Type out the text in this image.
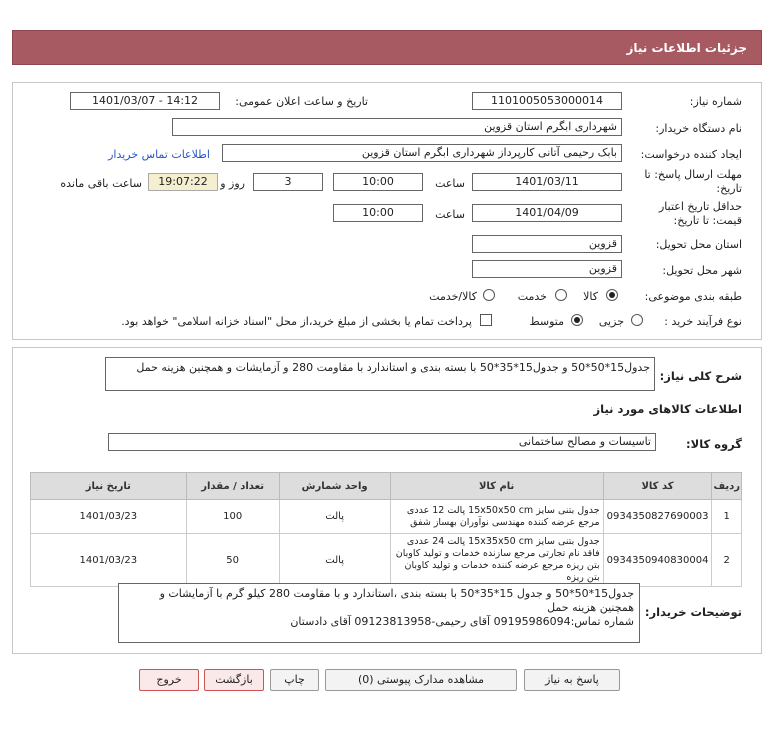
جزئیات اطلاعات نیاز
شماره نیاز:
1101005053000014
تاریخ و ساعت اعلان عمومی:
1401/03/07 - 14:12
نام دستگاه خریدار:
شهرداری ابگرم استان قزوین
ایجاد کننده درخواست:
بابک رحیمی آتانی کارپرداز شهرداری ابگرم استان قزوین
اطلاعات تماس خریدار
مهلت ارسال پاسخ: تا
تاریخ:
1401/03/11
ساعت
10:00
3
روز و
19:07:22
ساعت باقی مانده
حداقل تاریخ اعتبار
قیمت: تا تاریخ:
1401/04/09
ساعت
10:00
استان محل تحویل:
قزوین
شهر محل تحویل:
قزوین
طبقه بندی موضوعی:
کالا
خدمت
کالا/خدمت
نوع فرآیند خرید :
جزیی
متوسط
پرداخت تمام یا بخشی از مبلغ خرید،از محل "اسناد خزانه اسلامی" خواهد بود.
شرح کلی نیاز:
جدول15*50*50 و جدول15*35*50 با بسته بندی و استاندارد با مقاومت 280 و آزمایشات و همچنین هزینه حمل
اطلاعات کالاهای مورد نیاز
گروه کالا:
تاسیسات و مصالح ساختمانی
ردیف	کد کالا	نام کالا	واحد شمارش	تعداد / مقدار	تاریخ نیاز
1	0934350827690003	جدول بتنی سایز 15x50x50 cm پالت 12 عددی مرجع عرضه کننده مهندسی نوآوران بهساز شفق	پالت	100	1401/03/23
2	0934350940830004	جدول بتنی سایز 15x35x50 cm پالت 24 عددی فاقد نام تجارتی مرجع سازنده خدمات و تولید کاوبان بتن ریزه مرجع عرضه کننده خدمات و تولید کاوبان بتن ریزه	پالت	50	1401/03/23
توضیحات خریدار:
جدول15*50*50 و جدول 15*35*50 با بسته بندی ،استاندارد و با مقاومت 280 کیلو گرم با آزمایشات و
همچنین هزینه حمل
شماره تماس:09195986094 آقای رحیمی-09123813958 آقای دادستان
پاسخ به نیاز
مشاهده مدارک پیوستی (0)
چاپ
بازگشت
خروج
